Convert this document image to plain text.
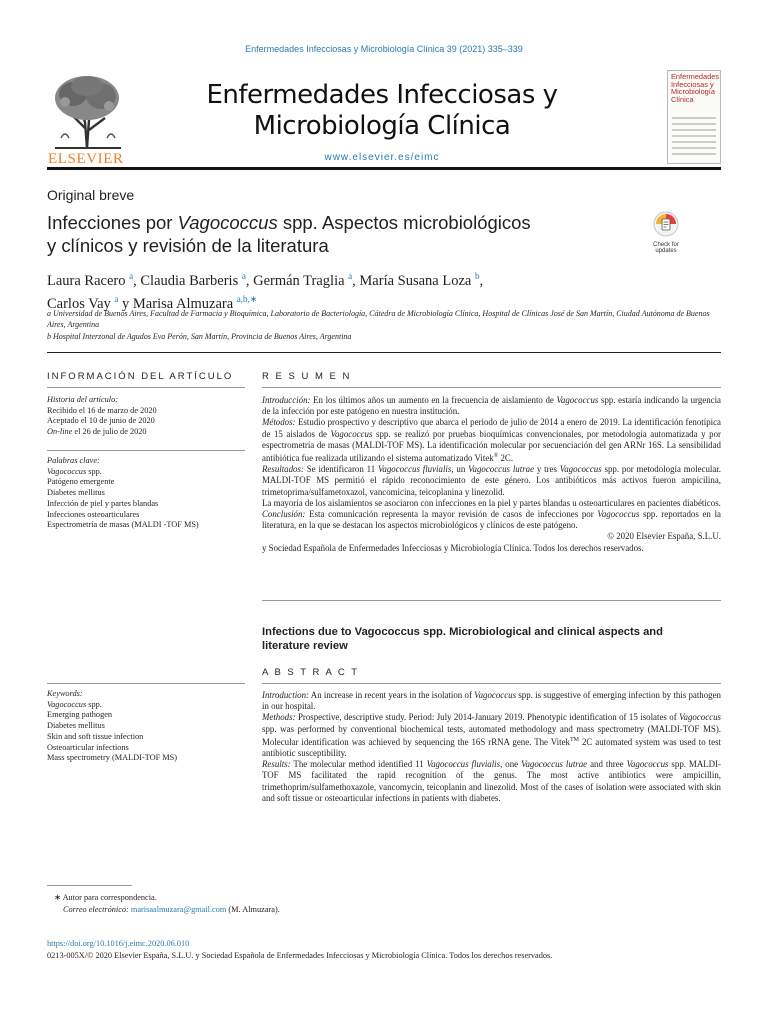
Enfermedades Infecciosas y Microbiología Clínica 39 (2021) 335–339
ELSEVIER
Enfermedades Infecciosas y
Microbiología Clínica
www.elsevier.es/eimc
Enfermedades Infecciosas y Microbiología Clínica
Original breve
Infecciones por Vagococcus spp. Aspectos microbiológicos
y clínicos y revisión de la literatura	Check for
updates
Laura Racero $^a$, Claudia Barberis $^a$, Germán Traglia $^a$, María Susana Loza $^b$,
Carlos Vay $^a$ y Marisa Almuzara $^{a,b,∗}$
a Universidad de Buenos Aires, Facultad de Farmacia y Bioquímica, Laboratorio de Bacteriología, Cátedra de Microbiología Clínica, Hospital de Clínicas José de San Martín, Ciudad Autónoma de Buenos Aires, Argentina
b Hospital Interzonal de Agudos Eva Perón, San Martín, Provincia de Buenos Aires, Argentina
INFORMACIÓN DEL ARTÍCULO
Historia del artículo:
Recibido el 16 de marzo de 2020
Aceptado el 10 de junio de 2020
On-line el 26 de julio de 2020
Palabras clave:
Vagococcus spp.
Patógeno emergente
Diabetes mellitus
Infección de piel y partes blandas
Infecciones osteoarticulares
Espectrometría de masas (MALDI -TOF MS)
R E S U M E N

Introducción: En los últimos años un aumento en la frecuencia de aislamiento de Vagococcus spp. estaría indicando la urgencia de la infección por este patógeno en nuestra institución.

Métodos: Estudio prospectivo y descriptivo que abarca el periodo de julio de 2014 a enero de 2019. La identificación fenotípica de 15 aislados de Vagococcus spp. se realizó por pruebas bioquímicas convencionales, por metodología automatizada y por espectrometría de masas (MALDI-TOF MS). La identificación molecular por secuenciación del gen ARNr 16S. La sensibilidad antibiótica fue realizada utilizando el sistema automatizado Vitek® 2C.

Resultados: Se identificaron 11 Vagococcus fluvialis, un Vagococcus lutrae y tres Vagococcus spp. por metodología molecular. MALDI-TOF MS permitió el rápido reconocimiento de este género. Los antibióticos más activos fueron ampicilina, trimetoprima/sulfametoxazol, vancomicina, teicoplanina y linezolid.

La mayoría de los aislamientos se asociaron con infecciones en la piel y partes blandas u osteoarticulares en pacientes diabéticos.

Conclusión: Esta comunicación representa la mayor revisión de casos de infecciones por Vagococcus spp. reportados en la literatura, en la que se destacan los aspectos microbiológicos y clínicos de este patógeno.

© 2020 Elsevier España, S.L.U.

y Sociedad Española de Enfermedades Infecciosas y Microbiología Clínica. Todos los derechos reservados.

Infections due to Vagococcus spp. Microbiological and clinical aspects and literature review
A B S T R A C T
Keywords:
Vagococcus spp.
Emerging pathogen
Diabetes mellitus
Skin and soft tissue infection
Osteoarticular infections
Mass spectrometry (MALDI-TOF MS)

Introduction: An increase in recent years in the isolation of Vagococcus spp. is suggestive of emerging infection by this pathogen in our hospital.

Methods: Prospective, descriptive study. Period: July 2014-January 2019. Phenotypic identification of 15 isolates of Vagococcus spp. was performed by conventional biochemical tests, automated methodology and mass spectrometry (MALDI-TOF MS). Molecular identification was achieved by sequencing the 16S rRNA gene. The Vitek™ 2C automated system was used to test antibiotic susceptibility.

Results: The molecular method identified 11 Vagococcus fluvialis, one Vagococcus lutrae and three Vagococcus spp. MALDI-TOF MS facilitated the rapid recognition of the genus. The most active antibiotics were ampicillin, trimethoprim/sulfamethoxazole, vancomycin, teicoplanin and linezolid. Most of the cases of isolation were associated with skin and soft tissue or osteoarticular infections in patients with diabetes.

∗ Autor para correspondencia.
Correo electrónico: marisaalmuzara@gmail.com (M. Almuzara).
https://doi.org/10.1016/j.eimc.2020.06.010
0213-005X/© 2020 Elsevier España, S.L.U. y Sociedad Española de Enfermedades Infecciosas y Microbiología Clínica. Todos los derechos reservados.
